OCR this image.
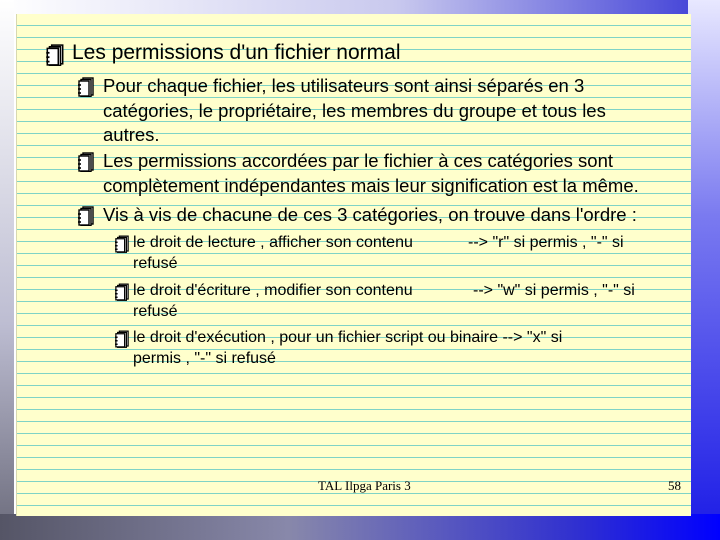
Les permissions d'un fichier normal
Pour chaque fichier, les utilisateurs sont ainsi séparés en 3
catégories, le propriétaire, les membres du groupe et tous les
autres.
Les permissions accordées par le fichier à ces catégories sont
complètement indépendantes mais leur signification est la même.
Vis à vis de chacune de ces 3 catégories, on trouve dans l'ordre :
le droit de lecture , afficher son contenu	--> "r" si permis , "-" si
refusé
le droit d'écriture , modifier son contenu	--> "w" si permis , "-" si
refusé
le droit d'exécution , pour un fichier script ou binaire --> "x" si
permis , "-" si refusé
TAL Ilpga Paris 3	58
